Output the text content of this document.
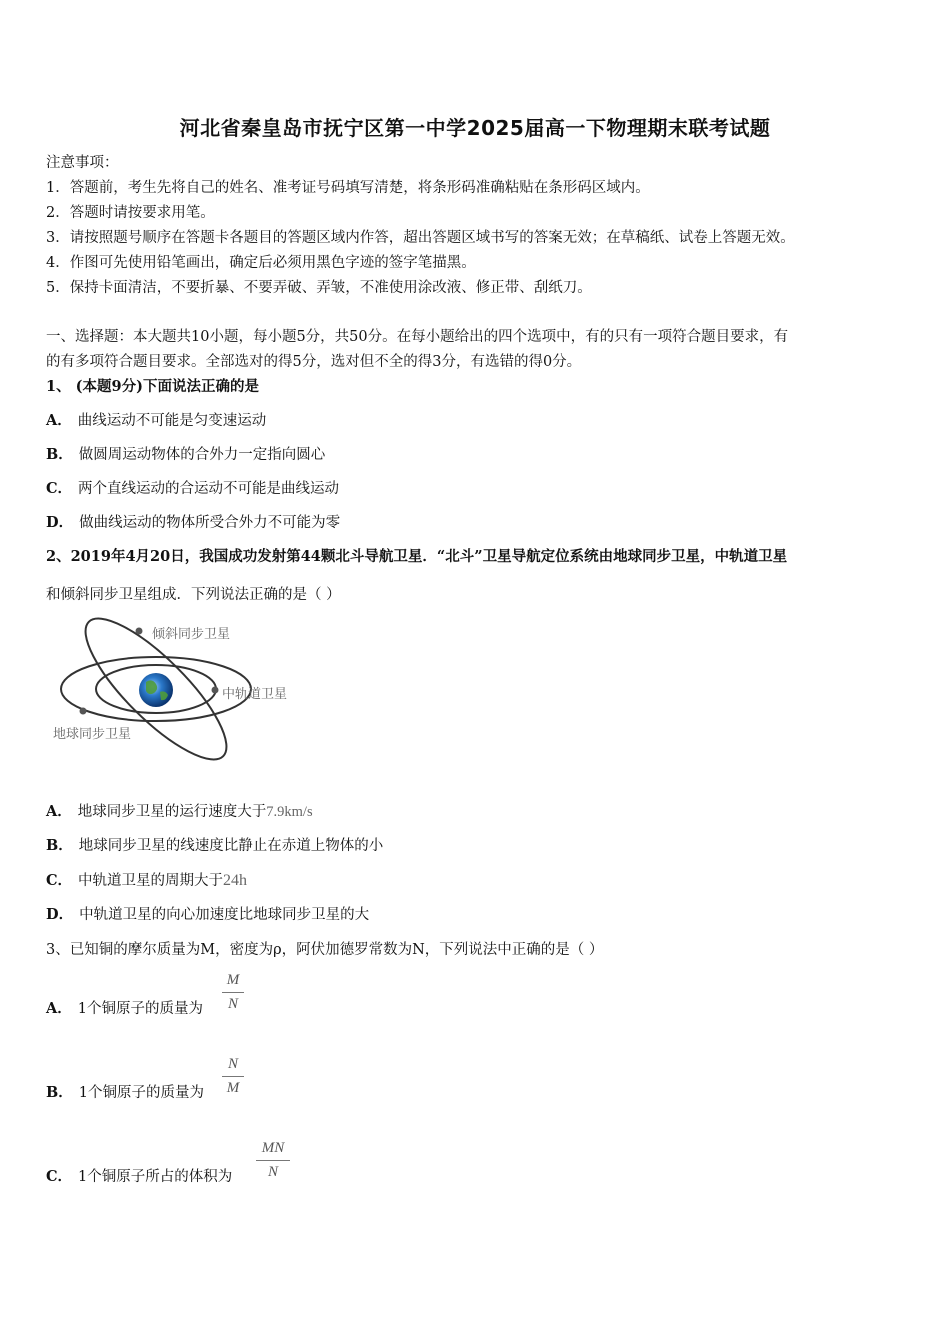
河北省秦皇岛市抚宁区第一中学2025届高一下物理期末联考试题
注意事项：
1．答题前，考生先将自己的姓名、准考证号码填写清楚，将条形码准确粘贴在条形码区域内。
2．答题时请按要求用笔。
3．请按照题号顺序在答题卡各题目的答题区域内作答，超出答题区域书写的答案无效；在草稿纸、试卷上答题无效。
4．作图可先使用铅笔画出，确定后必须用黑色字迹的签字笔描黑。
5．保持卡面清洁，不要折暴、不要弄破、弄皱，不准使用涂改液、修正带、刮纸刀。
一、选择题：本大题共10小题，每小题5分，共50分。在每小题给出的四个选项中，有的只有一项符合题目要求，有
的有多项符合题目要求。全部选对的得5分，选对但不全的得3分，有选错的得0分。
1、 (本题9分)下面说法正确的是
A． 曲线运动不可能是匀变速运动
B． 做圆周运动物体的合外力一定指向圆心
C． 两个直线运动的合运动不可能是曲线运动
D． 做曲线运动的物体所受合外力不可能为零
2、2019年4月20日，我国成功发射第44颗北斗导航卫星．“北斗”卫星导航定位系统由地球同步卫星，中轨道卫星
和倾斜同步卫星组成．下列说法正确的是（ ）
倾斜同步卫星
中轨道卫星
地球同步卫星
A． 地球同步卫星的运行速度大于7.9km/s
B． 地球同步卫星的线速度比静止在赤道上物体的小
C． 中轨道卫星的周期大于24h
D． 中轨道卫星的向心加速度比地球同步卫星的大
3、已知铜的摩尔质量为M，密度为ρ，阿伏加德罗常数为N，下列说法中正确的是（ ）
A． 1个铜原子的质量为
M
N
B． 1个铜原子的质量为
N
M
C． 1个铜原子所占的体积为
MN
N
